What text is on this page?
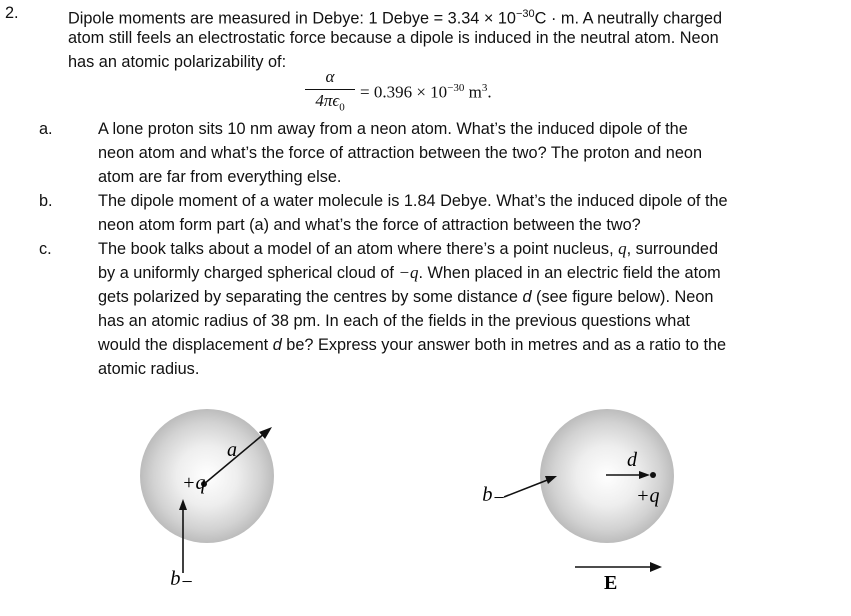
2.	Dipole moments are measured in Debye: 1 Debye = $3.34 \times 10^{-30}C \cdot m$. A neutrally charged
atom still feels an electrostatic force because a dipole is induced in the neutral atom. Neon
has an atomic polarizability of:
α
$4\pi\epsilon_0$
= $0.396 \times 10^{-30}$ $m^3$.
a.	A lone proton sits 10 nm away from a neon atom. What’s the induced dipole of the
neon atom and what’s the force of attraction between the two? The proton and neon
atom are far from everything else.
b.	The dipole moment of a water molecule is 1.84 Debye. What’s the induced dipole of the
neon atom form part (a) and what’s the force of attraction between the two?
c.	The book talks about a model of an atom where there’s a point nucleus, q, surrounded
by a uniformly charged spherical cloud of −q. When placed in an electric field the atom
gets polarized by separating the centres by some distance d (see figure below). Neon
has an atomic radius of 38 pm. In each of the fields in the previous questions what
would the displacement d be? Express your answer both in metres and as a ratio to the
atomic radius.
+q
a
−q
−q
d
+q
E
